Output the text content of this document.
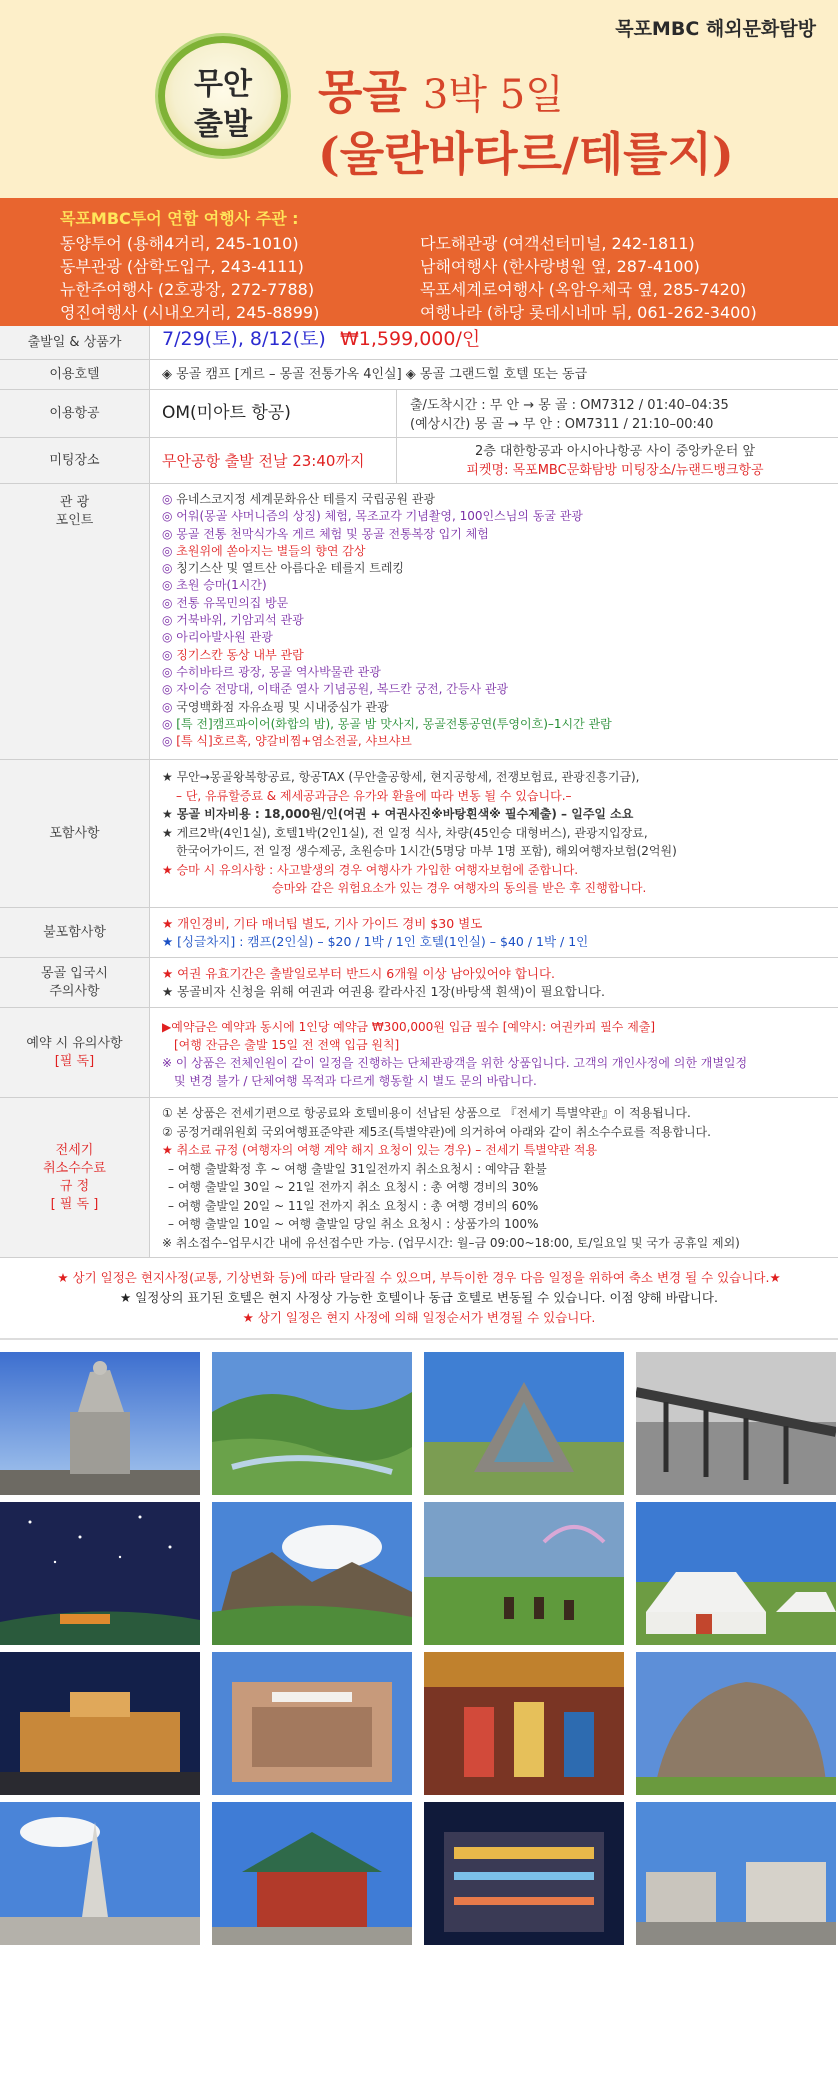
목포MBC 해외문화탐방
무안
출발
몽골 3박 5일
(울란바타르/테를지)
목포MBC투어 연합 여행사 주관 :
동양투어 (용해4거리, 245-1010)
동부관광 (삼학도입구, 243-4111)
뉴한주여행사 (2호광장, 272-7788)
영진여행사 (시내오거리, 245-8899)
다도해관광 (여객선터미널, 242-1811)
남해여행사 (한사랑병원 옆, 287-4100)
목포세계로여행사 (옥암우체국 옆, 285-7420)
여행나라 (하당 롯데시네마 뒤, 061-262-3400)
출발일 & 상품가	7/29(토), 8/12(토) ₩1,599,000/인
이용호텔	◈ 몽골 캠프 [게르 – 몽골 전통가옥 4인실] ◈ 몽골 그랜드힐 호텔 또는 동급
이용항공	OM(미아트 항공)	출/도착시간 : 무 안 → 몽 골 : OM7312 / 01:40–04:35
(예상시간) 몽 골 → 무 안 : OM7311 / 21:10–00:40
미팅장소	무안공항 출발 전날 23:40까지
2층 대한항공과 아시아나항공 사이 중앙카운터 앞
피켓명: 목포MBC문화탐방 미팅장소/뉴랜드뱅크항공
관 광
포인트
◎ 유네스코지정 세계문화유산 테를지 국립공원 관광
◎ 어워(몽골 샤머니즘의 상징) 체험, 목조교각 기념촬영, 100인스님의 동굴 관광
◎ 몽골 전통 천막식가옥 게르 체험 및 몽골 전통복장 입기 체험
◎ 초원위에 쏟아지는 별들의 향연 감상
◎ 칭기스산 및 열트산 아름다운 테를지 트레킹
◎ 초원 승마(1시간)
◎ 전통 유목민의집 방문
◎ 거북바위, 기암괴석 관광
◎ 아리아발사원 관광
◎ 징기스칸 동상 내부 관람
◎ 수히바타르 광장, 몽골 역사박물관 관광
◎ 자이승 전망대, 이태준 열사 기념공원, 복드칸 궁전, 간등사 관광
◎ 국영백화점 자유쇼핑 및 시내중심가 관광
◎ [특 전]캠프파이어(화합의 밤), 몽골 밤 맛사지, 몽골전통공연(투영이흐)–1시간 관람
◎ [특 식]호르혹, 양갈비찜+염소전골, 샤브샤브
포함사항
★ 무안→몽골왕복항공료, 항공TAX (무안출공항세, 현지공항세, 전쟁보험료, 관광진흥기금),
– 단, 유류할증료 & 제세공과금은 유가와 환율에 따라 변동 될 수 있습니다.–
★ 몽골 비자비용 : 18,000원/인(여권 + 여권사진※바탕흰색※ 필수제출) – 일주일 소요
★ 게르2박(4인1실), 호텔1박(2인1실), 전 일정 식사, 차량(45인승 대형버스), 관광지입장료,
한국어가이드, 전 일정 생수제공, 초원승마 1시간(5명당 마부 1명 포함), 해외여행자보험(2억원)
★ 승마 시 유의사항 : 사고발생의 경우 여행사가 가입한 여행자보험에 준합니다.
승마와 같은 위험요소가 있는 경우 여행자의 동의를 받은 후 진행합니다.
불포함사항
★ 개인경비, 기타 매너팁 별도, 기사 가이드 경비 $30 별도
★ [싱글차지] : 캠프(2인실) – $20 / 1박 / 1인 호텔(1인실) – $40 / 1박 / 1인
몽골 입국시
주의사항
★ 여권 유효기간은 출발일로부터 반드시 6개월 이상 남아있어야 합니다.
★ 몽골비자 신청을 위해 여권과 여권용 칼라사진 1장(바탕색 흰색)이 필요합니다.
예약 시 유의사항
[필 독]
▶예약금은 예약과 동시에 1인당 예약금 ₩300,000원 입금 필수 [예약시: 여권카피 필수 제출]
[여행 잔금은 출발 15일 전 전액 입금 원칙]
※ 이 상품은 전체인원이 같이 일정을 진행하는 단체관광객을 위한 상품입니다. 고객의 개인사정에 의한 개별일정
및 변경 불가 / 단체여행 목적과 다르게 행동할 시 별도 문의 바랍니다.
전세기
취소수수료
규 정
[ 필 독 ]
① 본 상품은 전세기편으로 항공료와 호텔비용이 선납된 상품으로 『전세기 특별약관』이 적용됩니다.
② 공정거래위원회 국외여행표준약관 제5조(특별약관)에 의거하여 아래와 같이 취소수수료를 적용합니다.
★ 취소료 규정 (여행자의 여행 계약 해지 요청이 있는 경우) – 전세기 특별약관 적용
– 여행 출발확정 후 ~ 여행 출발일 31일전까지 취소요청시 : 예약금 환불
– 여행 출발일 30일 ~ 21일 전까지 취소 요청시 : 총 여행 경비의 30%
– 여행 출발일 20일 ~ 11일 전까지 취소 요청시 : 총 여행 경비의 60%
– 여행 출발일 10일 ~ 여행 출발일 당일 취소 요청시 : 상품가의 100%
※ 취소접수–업무시간 내에 유선접수만 가능. (업무시간: 월–금 09:00~18:00, 토/일요일 및 국가 공휴일 제외)
★ 상기 일정은 현지사정(교통, 기상변화 등)에 따라 달라질 수 있으며, 부득이한 경우 다음 일정을 위하여 축소 변경 될 수 있습니다.★
★ 일정상의 표기된 호텔은 현지 사정상 가능한 호텔이나 동급 호텔로 변동될 수 있습니다. 이점 양해 바랍니다.
★ 상기 일정은 현지 사정에 의해 일정순서가 변경될 수 있습니다.
